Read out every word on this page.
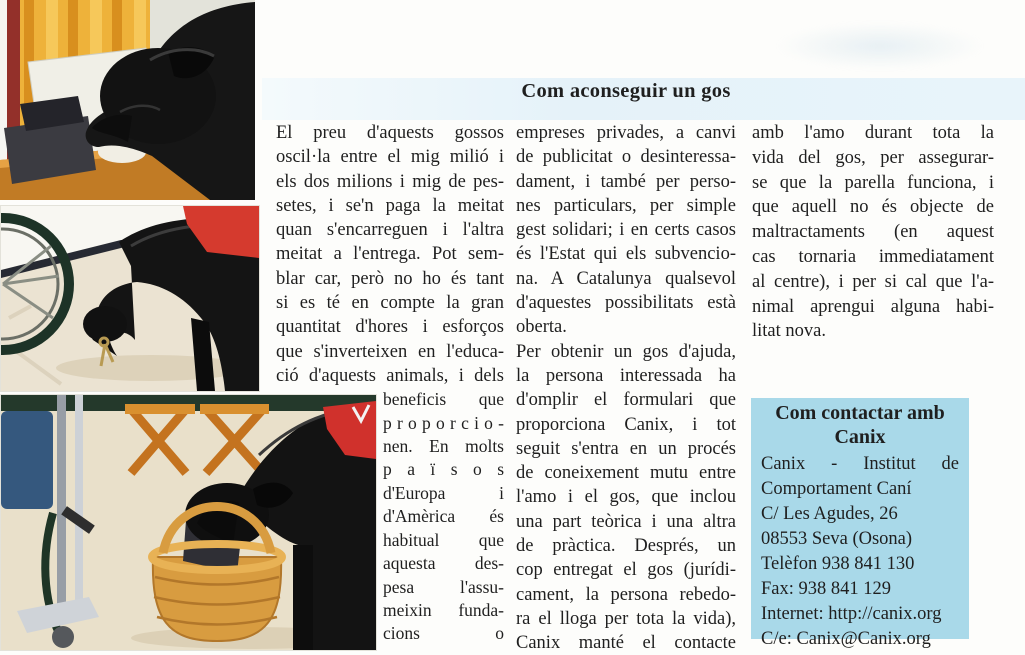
Com aconseguir un gos
El preu d'aquests gossos
oscil·la entre el mig milió i
els dos milions i mig de pes-
setes, i se'n paga la meitat
quan s'encarreguen i l'altra
meitat a l'entrega. Pot sem-
blar car, però no ho és tant
si es té en compte la gran
quantitat d'hores i esforços
que s'inverteixen en l'educa-
ció d'aquests animals, i dels
beneficis que
p r o p o r c i o -
nen. En molts
p a ï s o s
d'Europa i
d'Amèrica és
habitual que
aquesta des-
pesa l'assu-
meixin funda-
cions o
empreses privades, a canvi
de publicitat o desinteressa-
dament, i també per perso-
nes particulars, per simple
gest solidari; i en certs casos
és l'Estat qui els subvencio-
na. A Catalunya qualsevol
d'aquestes possibilitats està
oberta.
Per obtenir un gos d'ajuda,
la persona interessada ha
d'omplir el formulari que
proporciona Canix, i tot
seguit s'entra en un procés
de coneixement mutu entre
l'amo i el gos, que inclou
una part teòrica i una altra
de pràctica. Després, un
cop entregat el gos (jurídi-
cament, la persona rebedo-
ra el lloga per tota la vida),
Canix manté el contacte
amb l'amo durant tota la
vida del gos, per assegurar-
se que la parella funciona, i
que aquell no és objecte de
maltractaments (en aquest
cas tornaria immediatament
al centre), i per si cal que l'a-
nimal aprengui alguna habi-
litat nova.
Com contactar amb
Canix
Canix - Institut de
Comportament Caní
C/ Les Agudes, 26
08553 Seva (Osona)
Telèfon 938 841 130
Fax: 938 841 129
Internet: http://canix.org
C/e: Canix@Canix.org
